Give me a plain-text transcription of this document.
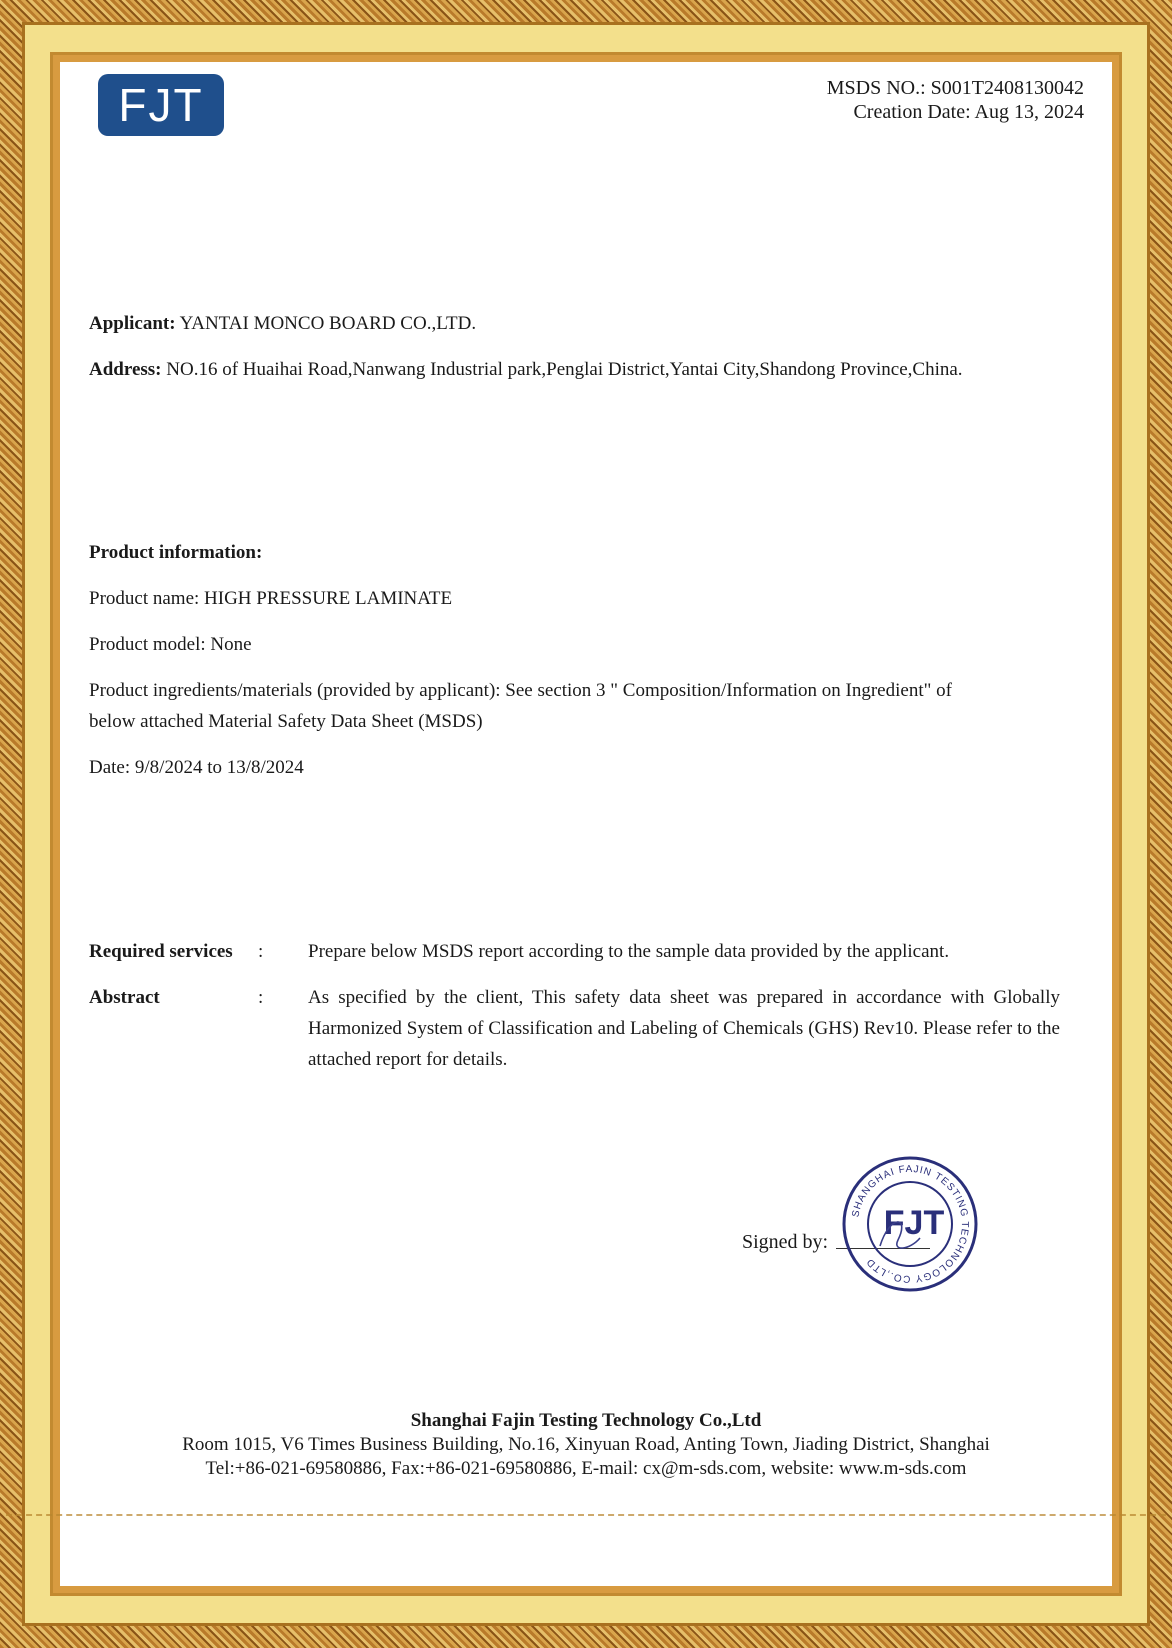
FJT	MSDS NO.: S001T2408130042
Creation Date: Aug 13, 2024
Applicant: YANTAI MONCO BOARD CO.,LTD.
Address: NO.16 of Huaihai Road,Nanwang Industrial park,Penglai District,Yantai City,Shandong Province,China.
Product information:
Product name: HIGH PRESSURE LAMINATE
Product model: None
Product ingredients/materials (provided by applicant): See section 3 " Composition/Information on Ingredient" of
below attached Material Safety Data Sheet (MSDS)
Date: 9/8/2024 to 13/8/2024
Required services : Prepare below MSDS report according to the sample data provided by the applicant.
Abstract	: As specified by the client, This safety data sheet was prepared in accordance with Globally Harmonized System of Classification and Labeling of Chemicals (GHS) Rev10. Please refer to the attached report for details.
Signed by:
SHANGHAI FAJIN TESTING TECHNOLOGY CO.,LTD
FJT
Shanghai Fajin Testing Technology Co.,Ltd
Room 1015, V6 Times Business Building, No.16, Xinyuan Road, Anting Town, Jiading District, Shanghai
Tel:+86-021-69580886, Fax:+86-021-69580886, E-mail: cx@m-sds.com, website: www.m-sds.com
